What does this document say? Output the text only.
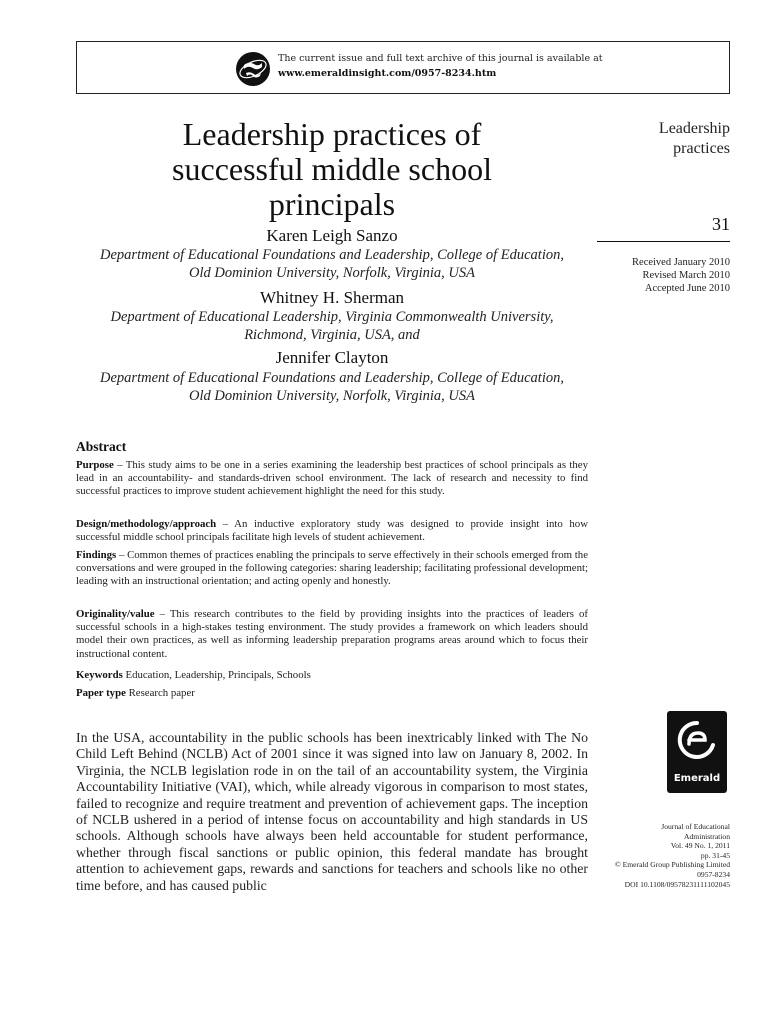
The current issue and full text archive of this journal is available at
www.emeraldinsight.com/0957-8234.htm
Leadership practices of
successful middle school
principals
Karen Leigh Sanzo
Department of Educational Foundations and Leadership, College of Education,
Old Dominion University, Norfolk, Virginia, USA
Whitney H. Sherman
Department of Educational Leadership, Virginia Commonwealth University,
Richmond, Virginia, USA, and
Jennifer Clayton
Department of Educational Foundations and Leadership, College of Education,
Old Dominion University, Norfolk, Virginia, USA
Leadership
practices
31
Received January 2010
Revised March 2010
Accepted June 2010
Abstract

Purpose – This study aims to be one in a series examining the leadership best practices of school principals as they lead in an accountability- and standards-driven school environment. The lack of research and necessity to find successful practices to improve student achievement highlight the need for this study.

Design/methodology/approach – An inductive exploratory study was designed to provide insight into how successful middle school principals facilitate high levels of student achievement.

Findings – Common themes of practices enabling the principals to serve effectively in their schools emerged from the conversations and were grouped in the following categories: sharing leadership; facilitating professional development; leading with an instructional orientation; and acting openly and honestly.

Originality/value – This research contributes to the field by providing insights into the practices of leaders of successful schools in a high-stakes testing environment. The study provides a framework on which leaders should model their own practices, as well as informing leadership preparation programs areas around which to focus their instructional content.

Keywords Education, Leadership, Principals, Schools

Paper type Research paper

In the USA, accountability in the public schools has been inextricably linked with The No Child Left Behind (NCLB) Act of 2001 since it was signed into law on January 8, 2002. In Virginia, the NCLB legislation rode in on the tail of an accountability system, the Virginia Accountability Initiative (VAI), which, while already vigorous in comparison to most states, failed to recognize and require treatment and prevention of achievement gaps. The inception of NCLB ushered in a period of intense focus on accountability and high standards in US schools. Although schools have always been held accountable for student performance, whether through fiscal sanctions or public opinion, this federal mandate has brought attention to achievement gaps, rewards and sanctions for teachers and schools like no other time before, and has caused public

Emerald
Journal of Educational
Administration
Vol. 49 No. 1, 2011
pp. 31-45
© Emerald Group Publishing Limited
0957-8234
DOI 10.1108/09578231111102045
